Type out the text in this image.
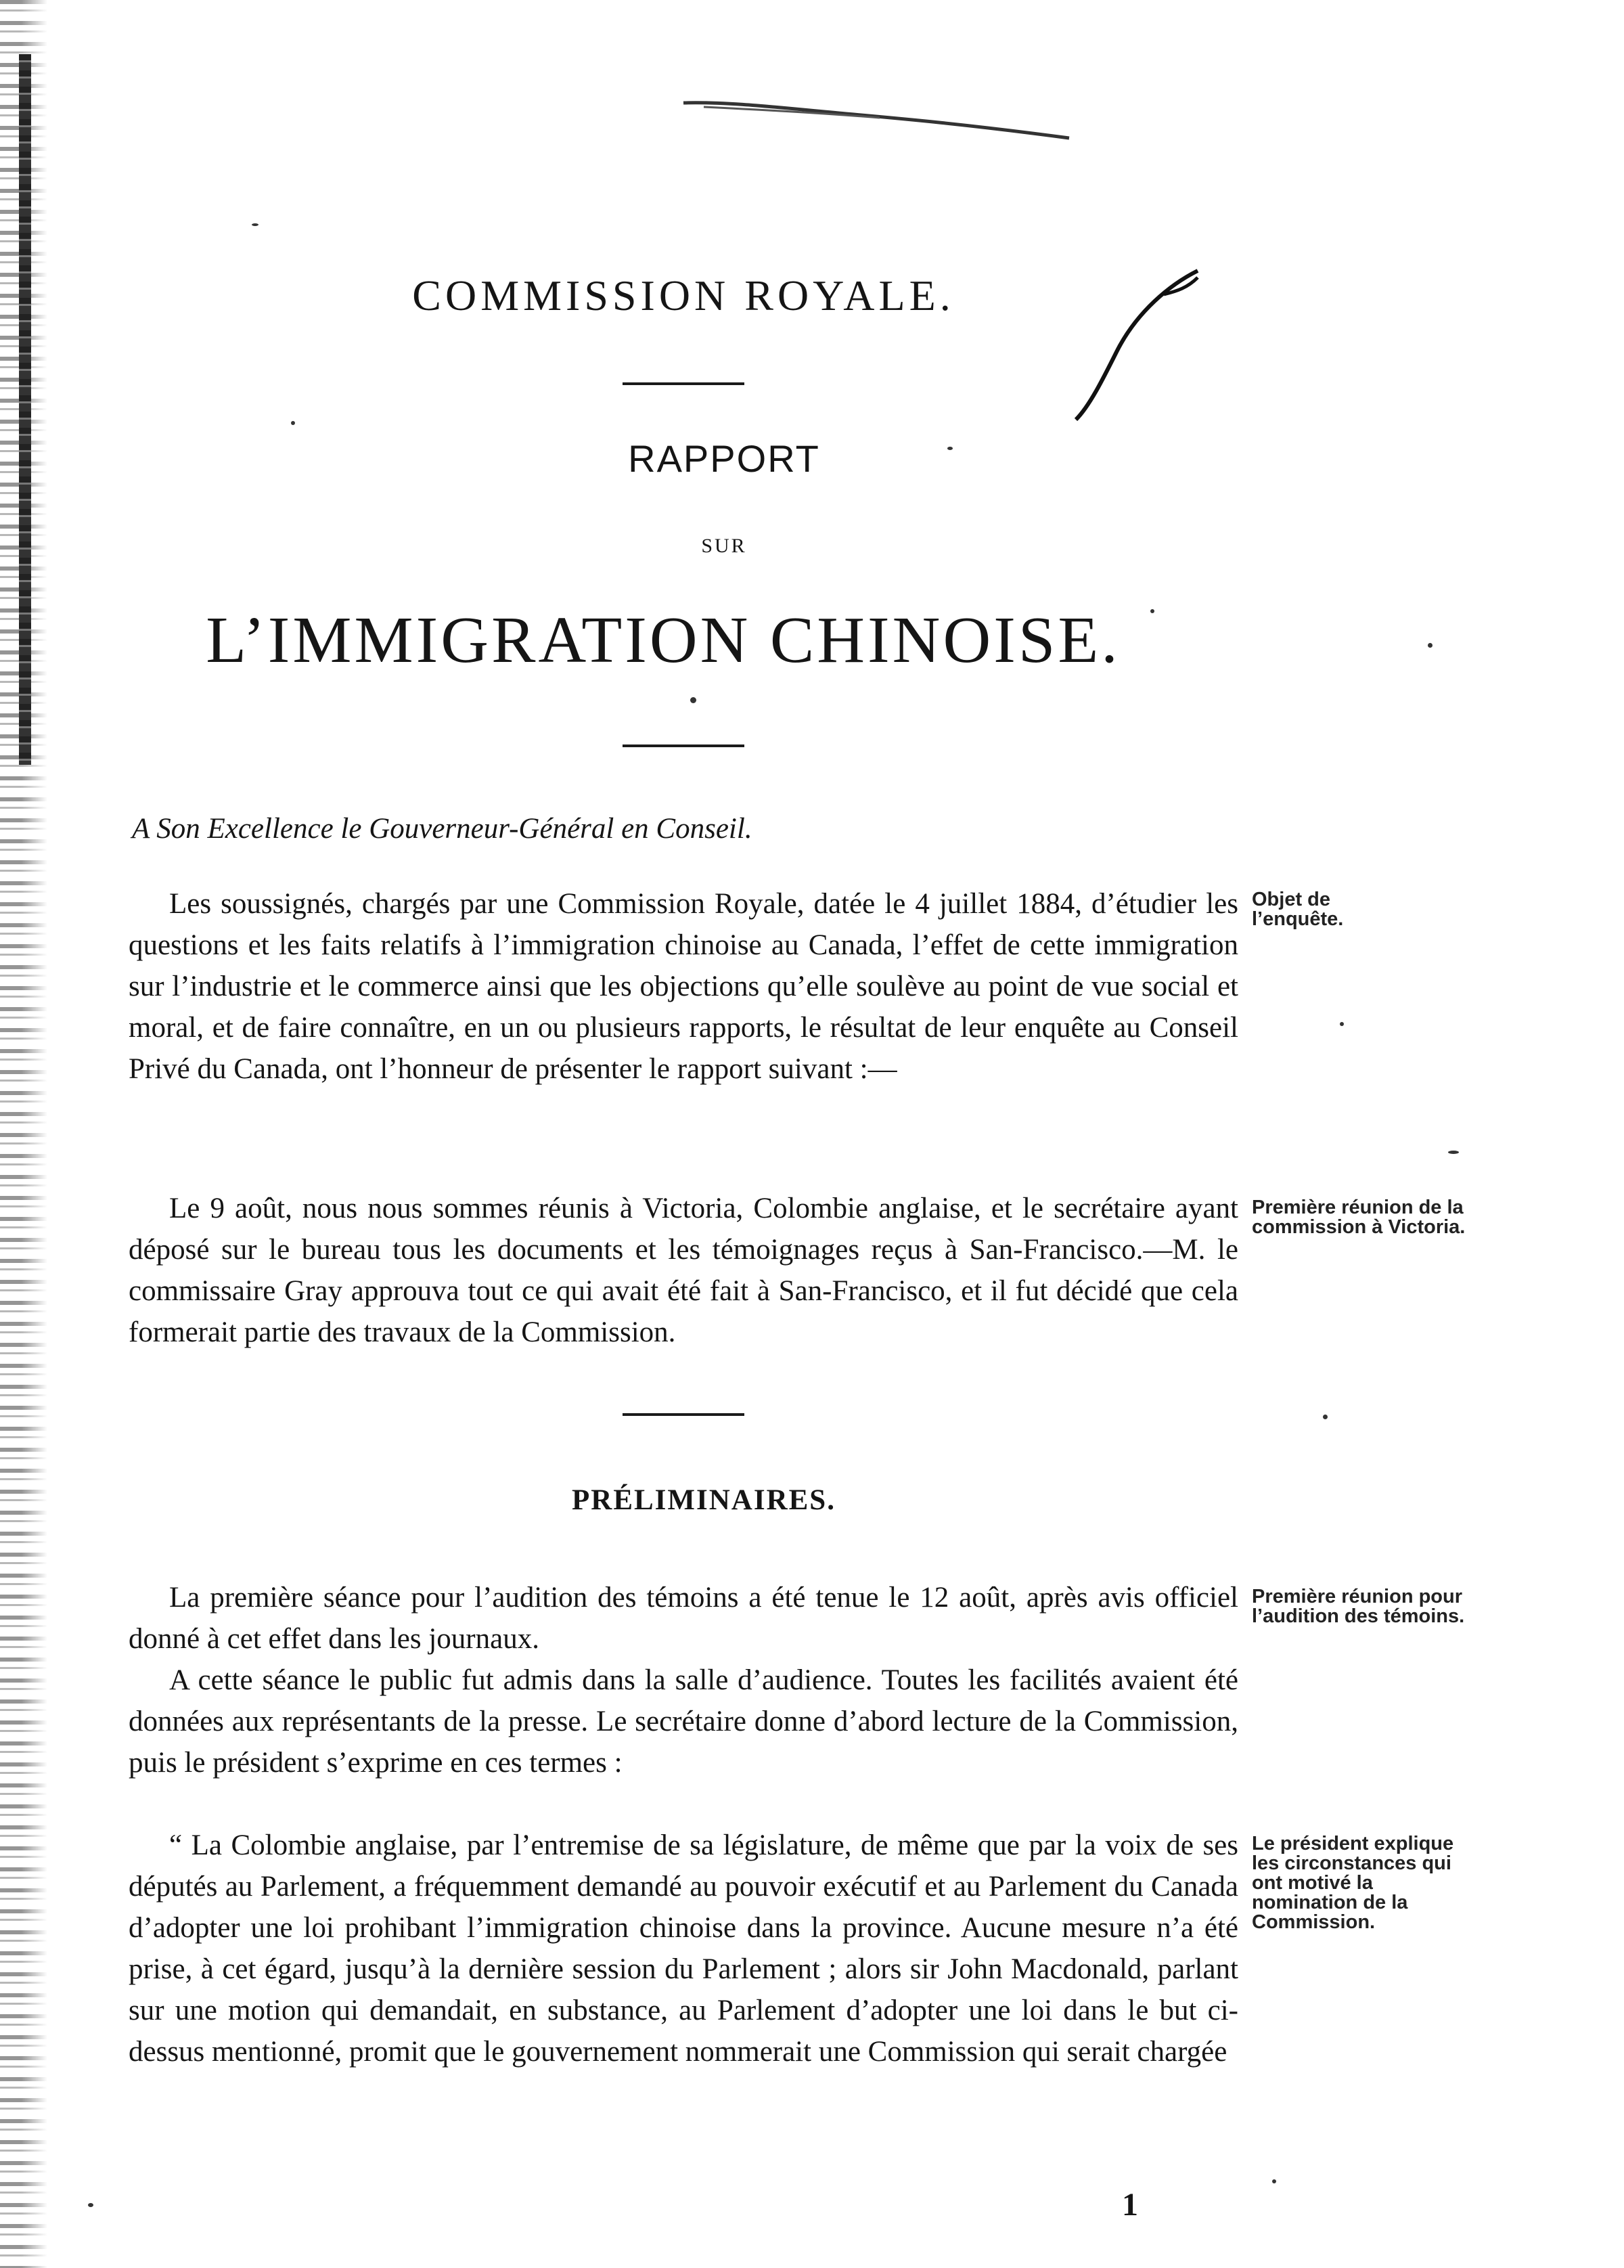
COMMISSION ROYALE.
RAPPORT
SUR
L’IMMIGRATION CHINOISE.
A Son Excellence le Gouverneur-Général en Conseil.

Les soussignés, chargés par une Commission Royale, datée le 4 juillet 1884, d’étudier les questions et les faits relatifs à l’immigration chinoise au Canada, l’effet de cette immigration sur l’industrie et le commerce ainsi que les objections qu’elle soulève au point de vue social et moral, et de faire connaître, en un ou plusieurs rapports, le résultat de leur enquête au Conseil Privé du Canada, ont l’honneur de présenter le rapport suivant :—

Le 9 août, nous nous sommes réunis à Victoria, Colombie anglaise, et le secrétaire ayant déposé sur le bureau tous les documents et les témoignages reçus à San-Francisco.—M. le commissaire Gray approuva tout ce qui avait été fait à San-Francisco, et il fut décidé que cela formerait partie des travaux de la Commission.

Objet de l’enquête.
Première réunion de la commission à Victoria.
PRÉLIMINAIRES.

La première séance pour l’audition des témoins a été tenue le 12 août, après avis officiel donné à cet effet dans les journaux.

A cette séance le public fut admis dans la salle d’audience. Toutes les facilités avaient été données aux représentants de la presse. Le secrétaire donne d’abord lecture de la Commission, puis le président s’exprime en ces termes :

“ La Colombie anglaise, par l’entremise de sa législature, de même que par la voix de ses députés au Parlement, a fréquemment demandé au pouvoir exécutif et au Parlement du Canada d’adopter une loi prohibant l’immigration chinoise dans la province. Aucune mesure n’a été prise, à cet égard, jusqu’à la dernière session du Parlement ; alors sir John Macdonald, parlant sur une motion qui demandait, en substance, au Parlement d’adopter une loi dans le but ci-dessus mentionné, promit que le gouvernement nommerait une Commission qui serait chargée

Première réunion pour l’audition des témoins.
Le président explique les circonstances qui ont motivé la nomination de la Commission.
1
